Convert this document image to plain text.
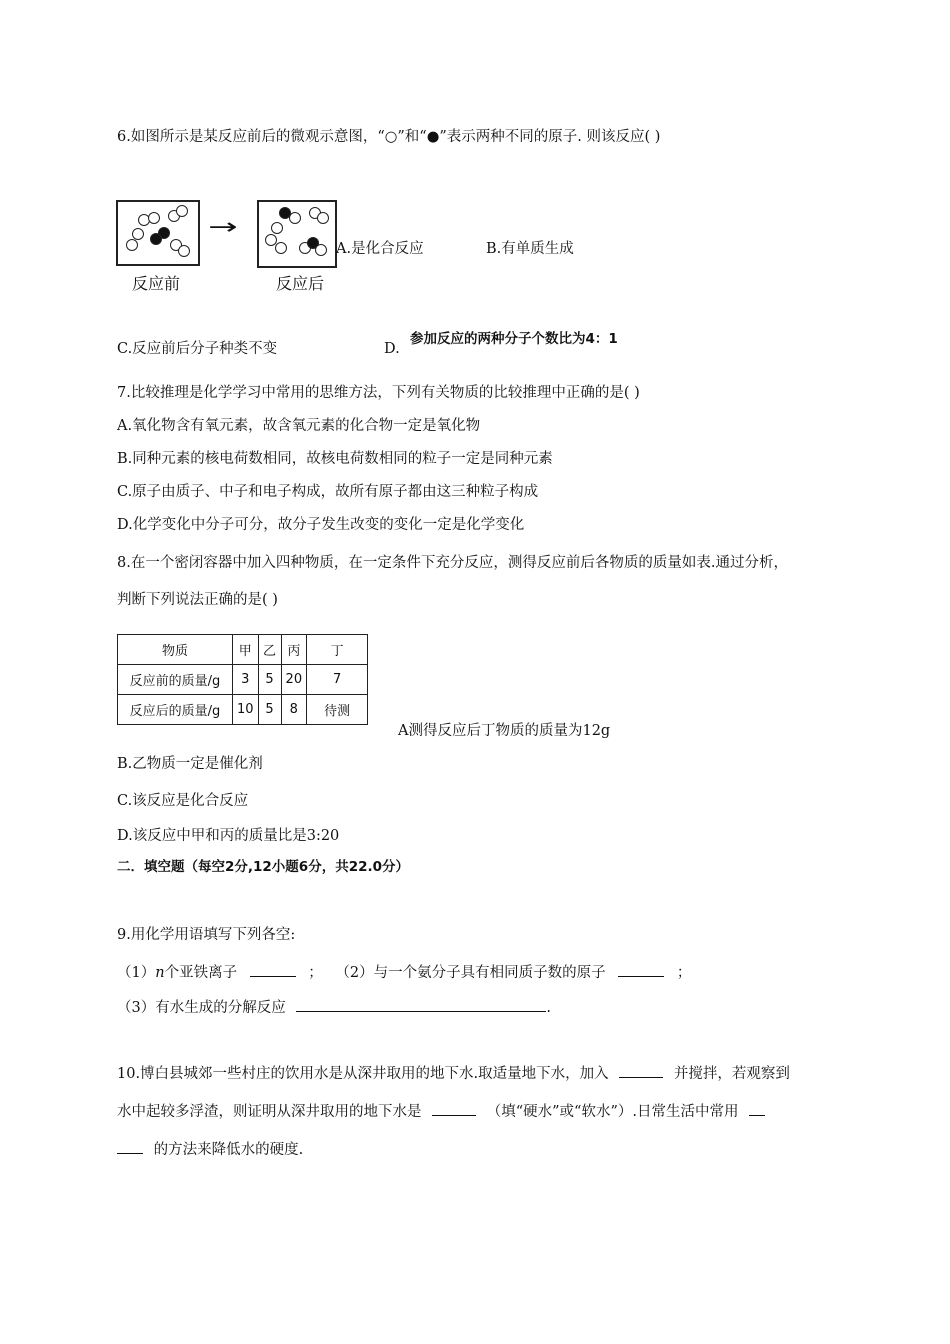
6.如图所示是某反应前后的微观示意图，“○”和“●”表示两种不同的原子. 则该反应( )
→
反应前	反应后
A.是化合反应	B.有单质生成
C.反应前后分子种类不变	D.
参加反应的两种分子个数比为4：1
7.比较推理是化学学习中常用的思维方法，下列有关物质的比较推理中正确的是( )
A.氧化物含有氧元素，故含氧元素的化合物一定是氧化物
B.同种元素的核电荷数相同，故核电荷数相同的粒子一定是同种元素
C.原子由质子、中子和电子构成，故所有原子都由这三种粒子构成
D.化学变化中分子可分，故分子发生改变的变化一定是化学变化
8.在一个密闭容器中加入四种物质，在一定条件下充分反应，测得反应前后各物质的质量如表.通过分析，
判断下列说法正确的是( )
物质	甲	乙	丙	丁
反应前的质量/g	3	5	20	7
反应后的质量/g	10	5	8	待测
A测得反应后丁物质的质量为12g
B.乙物质一定是催化剂
C.该反应是化合反应
D.该反应中甲和丙的质量比是3:20
二．填空题（每空2分,12小题6分，共22.0分）
9.用化学用语填写下列各空:
（1）n个亚铁离子	； （2）与一个氨分子具有相同质子数的原子	；
（3）有水生成的分解反应	.
10.博白县城郊一些村庄的饮用水是从深井取用的地下水.取适量地下水，加入	并搅拌，若观察到
水中起较多浮渣，则证明从深井取用的地下水是	（填“硬水”或“软水”）.日常生活中常用
的方法来降低水的硬度.
